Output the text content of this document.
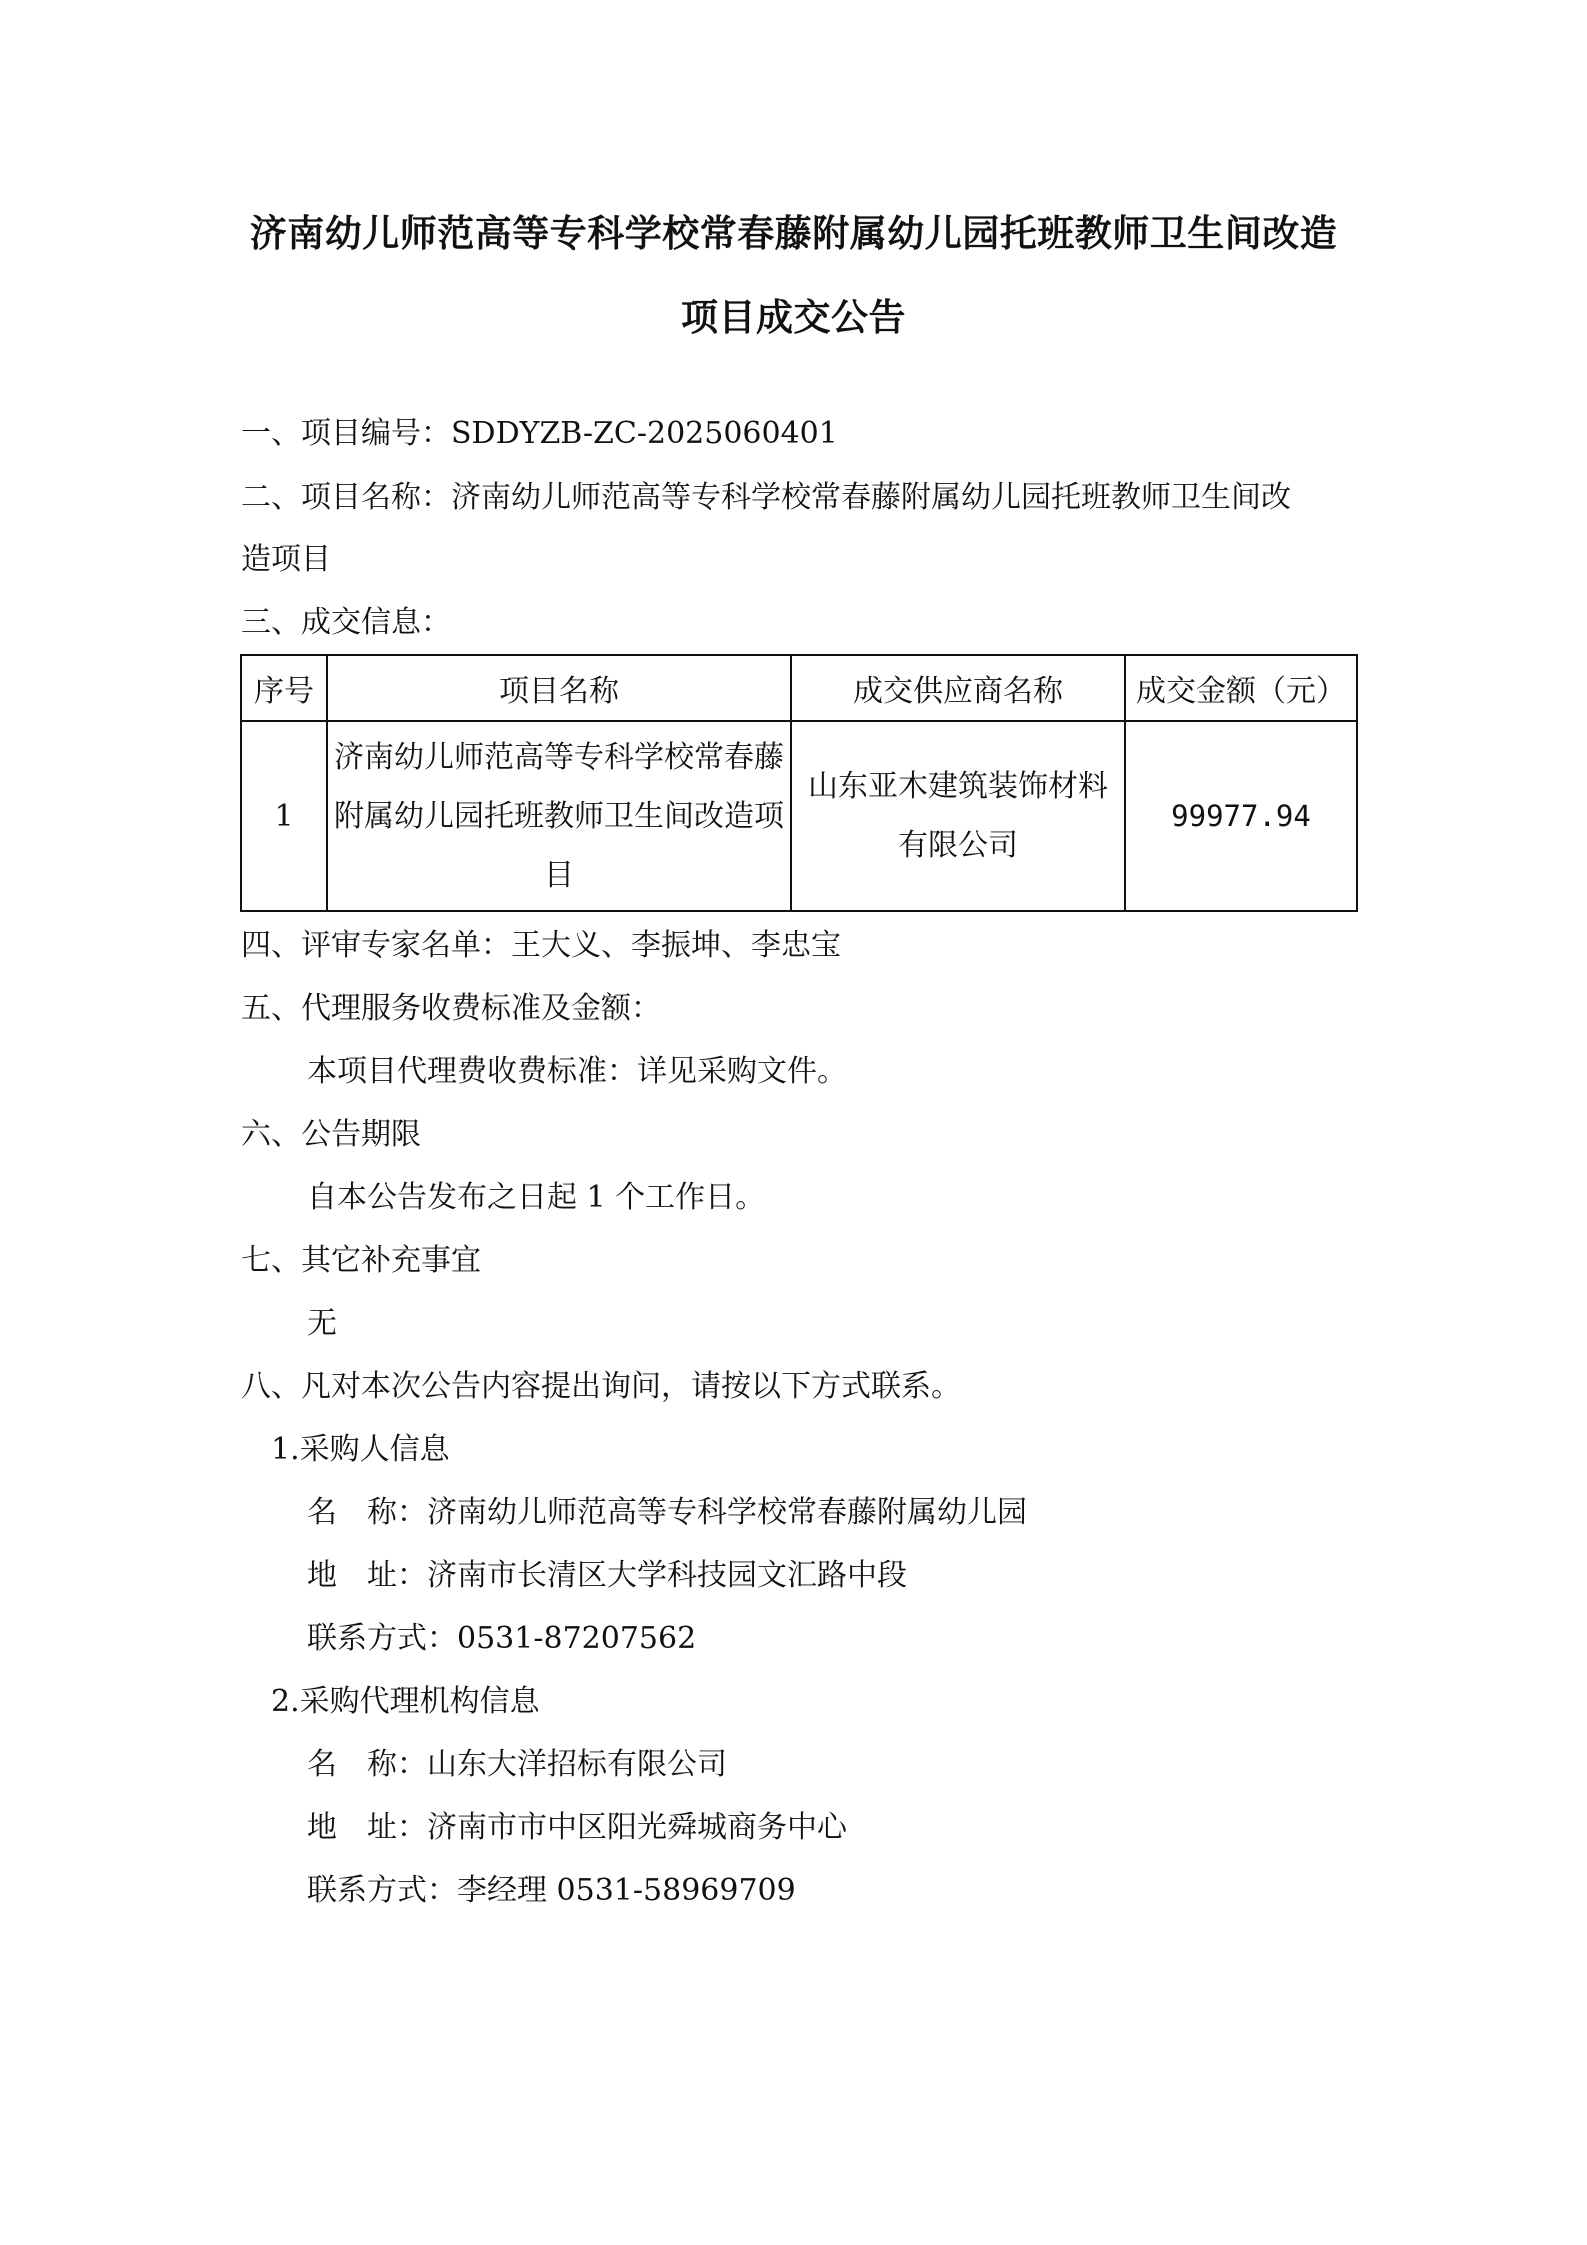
济南幼儿师范高等专科学校常春藤附属幼儿园托班教师卫生间改造
项目成交公告
一、项目编号：SDDYZB-ZC-2025060401
二、项目名称：济南幼儿师范高等专科学校常春藤附属幼儿园托班教师卫生间改
造项目
三、成交信息：
序号	项目名称	成交供应商名称	成交金额（元）
1	济南幼儿师范高等专科学校常春藤附属幼儿园托班教师卫生间改造项目	山东亚木建筑装饰材料有限公司	99977.94
四、评审专家名单：王大义、李振坤、李忠宝
五、代理服务收费标准及金额：
本项目代理费收费标准：详见采购文件。
六、公告期限
自本公告发布之日起 1 个工作日。
七、其它补充事宜
无
八、凡对本次公告内容提出询问，请按以下方式联系。
1.采购人信息
名　称：济南幼儿师范高等专科学校常春藤附属幼儿园
地　址：济南市长清区大学科技园文汇路中段
联系方式：0531-87207562
2.采购代理机构信息
名　称：山东大洋招标有限公司
地　址：济南市市中区阳光舜城商务中心
联系方式：李经理 0531-58969709
